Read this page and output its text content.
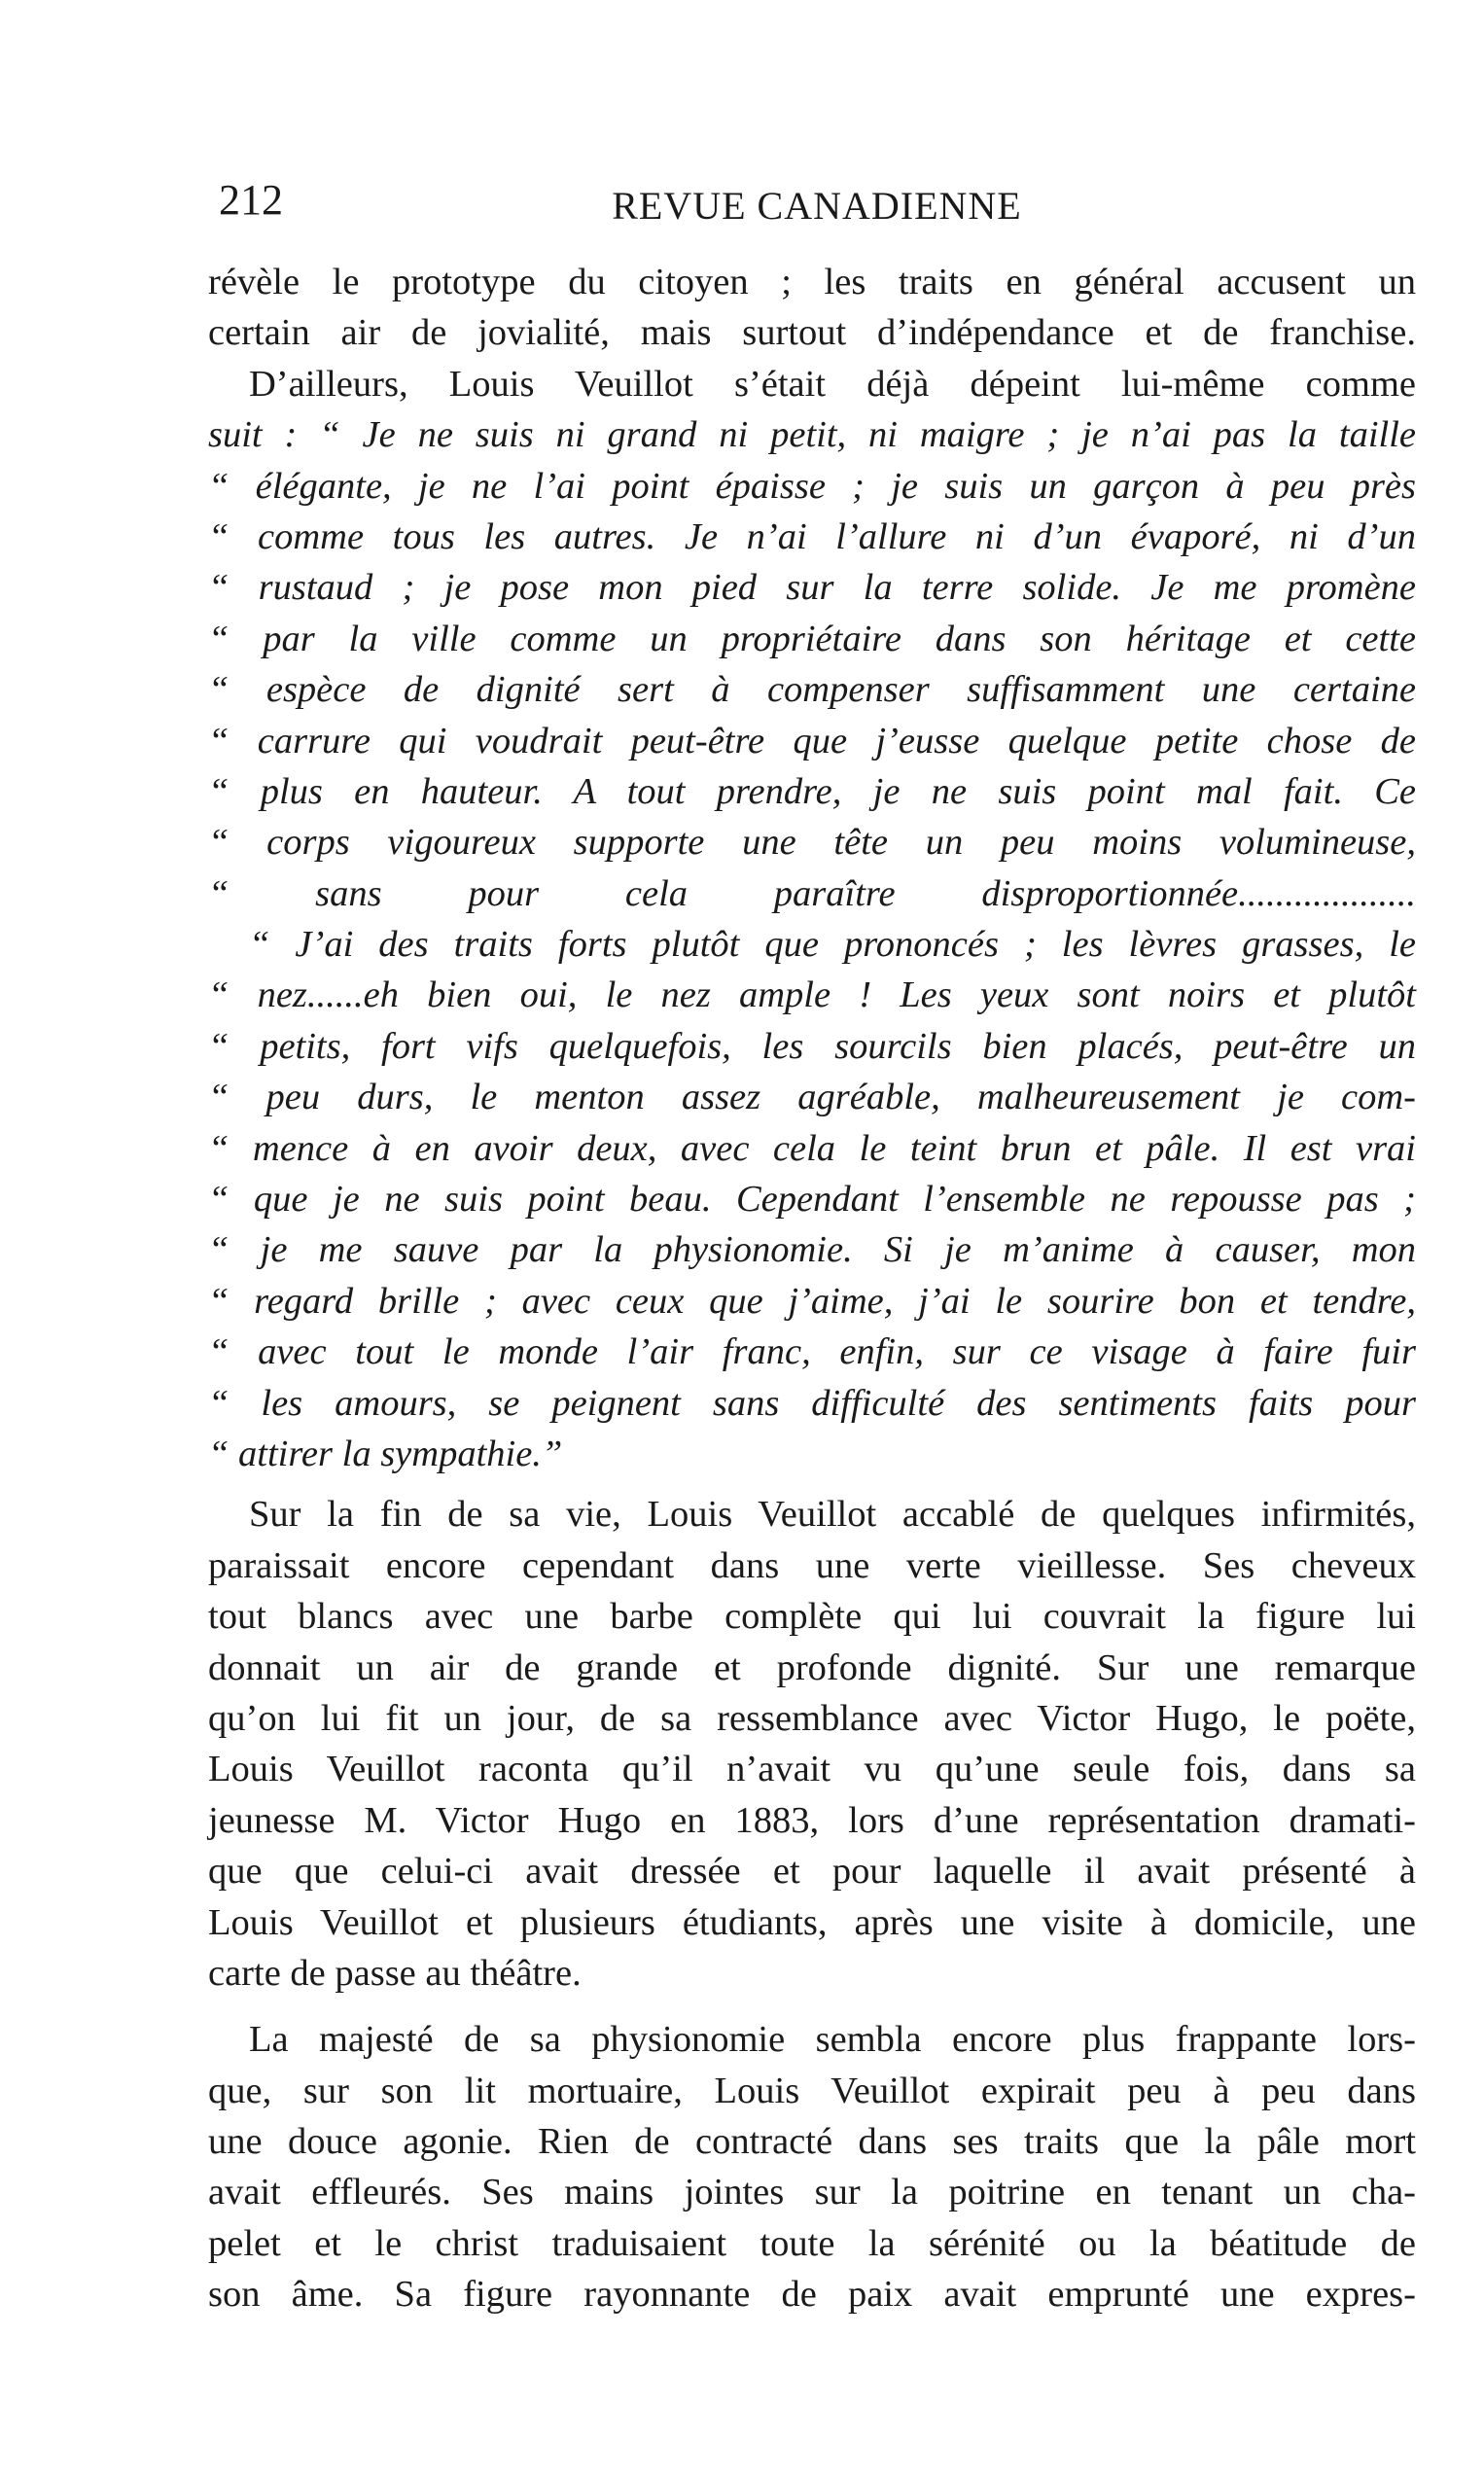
212	REVUE CANADIENNE
révèle le prototype du citoyen ; les traits en général accusent un
certain air de jovialité, mais surtout d’indépendance et de franchise.
D’ailleurs, Louis Veuillot s’était déjà dépeint lui-même comme
suit : “ Je ne suis ni grand ni petit, ni maigre ; je n’ai pas la taille
“ élégante, je ne l’ai point épaisse ; je suis un garçon à peu près
“ comme tous les autres. Je n’ai l’allure ni d’un évaporé, ni d’un
“ rustaud ; je pose mon pied sur la terre solide. Je me promène
“ par la ville comme un propriétaire dans son héritage et cette
“ espèce de dignité sert à compenser suffisamment une certaine
“ carrure qui voudrait peut-être que j’eusse quelque petite chose de
“ plus en hauteur. A tout prendre, je ne suis point mal fait. Ce
“ corps vigoureux supporte une tête un peu moins volumineuse,
“ sans pour cela paraître disproportionnée...................
“ J’ai des traits forts plutôt que prononcés ; les lèvres grasses, le
“ nez......eh bien oui, le nez ample ! Les yeux sont noirs et plutôt
“ petits, fort vifs quelquefois, les sourcils bien placés, peut-être un
“ peu durs, le menton assez agréable, malheureusement je com-
“ mence à en avoir deux, avec cela le teint brun et pâle. Il est vrai
“ que je ne suis point beau. Cependant l’ensemble ne repousse pas ;
“ je me sauve par la physionomie. Si je m’anime à causer, mon
“ regard brille ; avec ceux que j’aime, j’ai le sourire bon et tendre,
“ avec tout le monde l’air franc, enfin, sur ce visage à faire fuir
“ les amours, se peignent sans difficulté des sentiments faits pour
“ attirer la sympathie.”
Sur la fin de sa vie, Louis Veuillot accablé de quelques infirmités,
paraissait encore cependant dans une verte vieillesse. Ses cheveux
tout blancs avec une barbe complète qui lui couvrait la figure lui
donnait un air de grande et profonde dignité. Sur une remarque
qu’on lui fit un jour, de sa ressemblance avec Victor Hugo, le poëte,
Louis Veuillot raconta qu’il n’avait vu qu’une seule fois, dans sa
jeunesse M. Victor Hugo en 1883, lors d’une représentation dramati-
que que celui-ci avait dressée et pour laquelle il avait présenté à
Louis Veuillot et plusieurs étudiants, après une visite à domicile, une
carte de passe au théâtre.
La majesté de sa physionomie sembla encore plus frappante lors-
que, sur son lit mortuaire, Louis Veuillot expirait peu à peu dans
une douce agonie. Rien de contracté dans ses traits que la pâle mort
avait effleurés. Ses mains jointes sur la poitrine en tenant un cha-
pelet et le christ traduisaient toute la sérénité ou la béatitude de
son âme. Sa figure rayonnante de paix avait emprunté une expres-
